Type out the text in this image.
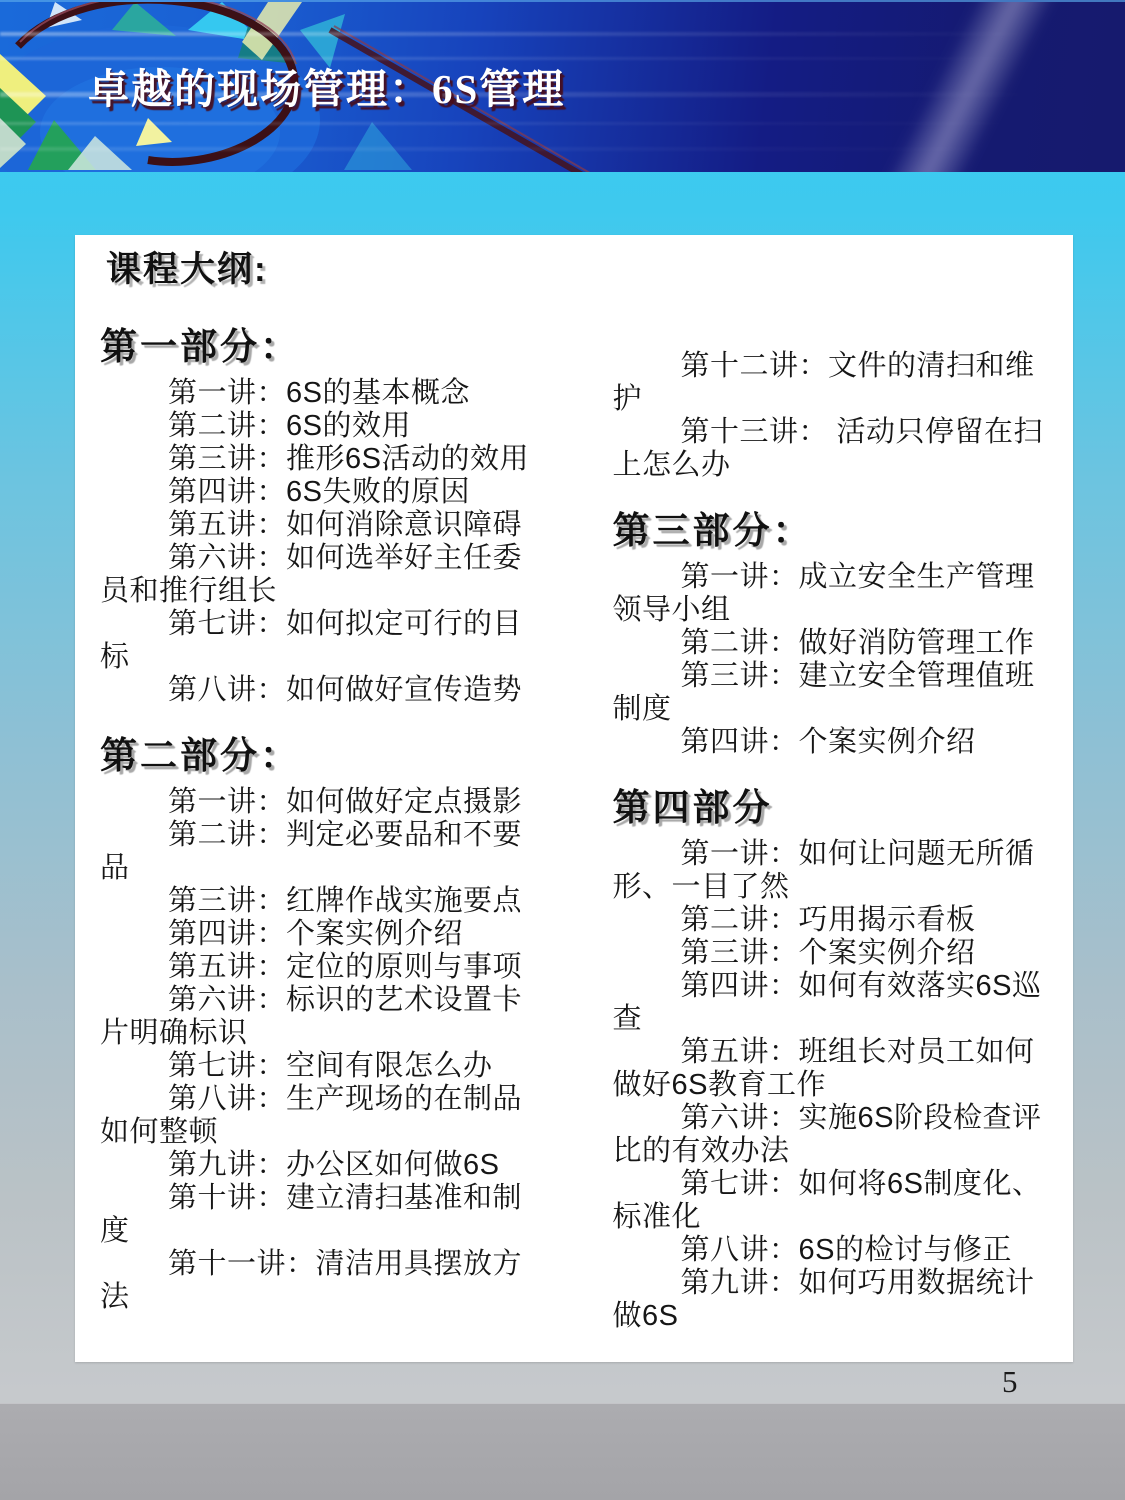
卓越的现场管理：6S管理
课程大纲:
第一部分：

第一讲：6S的基本概念

第二讲：6S的效用

第三讲：推形6S活动的效用

第四讲：6S失败的原因

第五讲：如何消除意识障碍

第六讲：如何选举好主任委员和推行组长

第七讲：如何拟定可行的目标

第八讲：如何做好宣传造势

第二部分：

第一讲：如何做好定点摄影

第二讲：判定必要品和不要品

第三讲：红牌作战实施要点

第四讲：个案实例介绍

第五讲：定位的原则与事项

第六讲：标识的艺术设置卡片明确标识

第七讲：空间有限怎么办

第八讲：生产现场的在制品如何整顿

第九讲：办公区如何做6S

第十讲：建立清扫基准和制度

第十一讲：清洁用具摆放方法

第十二讲：文件的清扫和维护

第十三讲： 活动只停留在扫上怎么办

第三部分：

第一讲：成立安全生产管理领导小组

第二讲：做好消防管理工作

第三讲：建立安全管理值班制度

第四讲：个案实例介绍

第四部分

第一讲：如何让问题无所循形、一目了然

第二讲：巧用揭示看板

第三讲：个案实例介绍

第四讲：如何有效落实6S巡查

第五讲：班组长对员工如何做好6S教育工作

第六讲：实施6S阶段检查评比的有效办法

第七讲：如何将6S制度化、标准化

第八讲：6S的检讨与修正

第九讲：如何巧用数据统计做6S

5
